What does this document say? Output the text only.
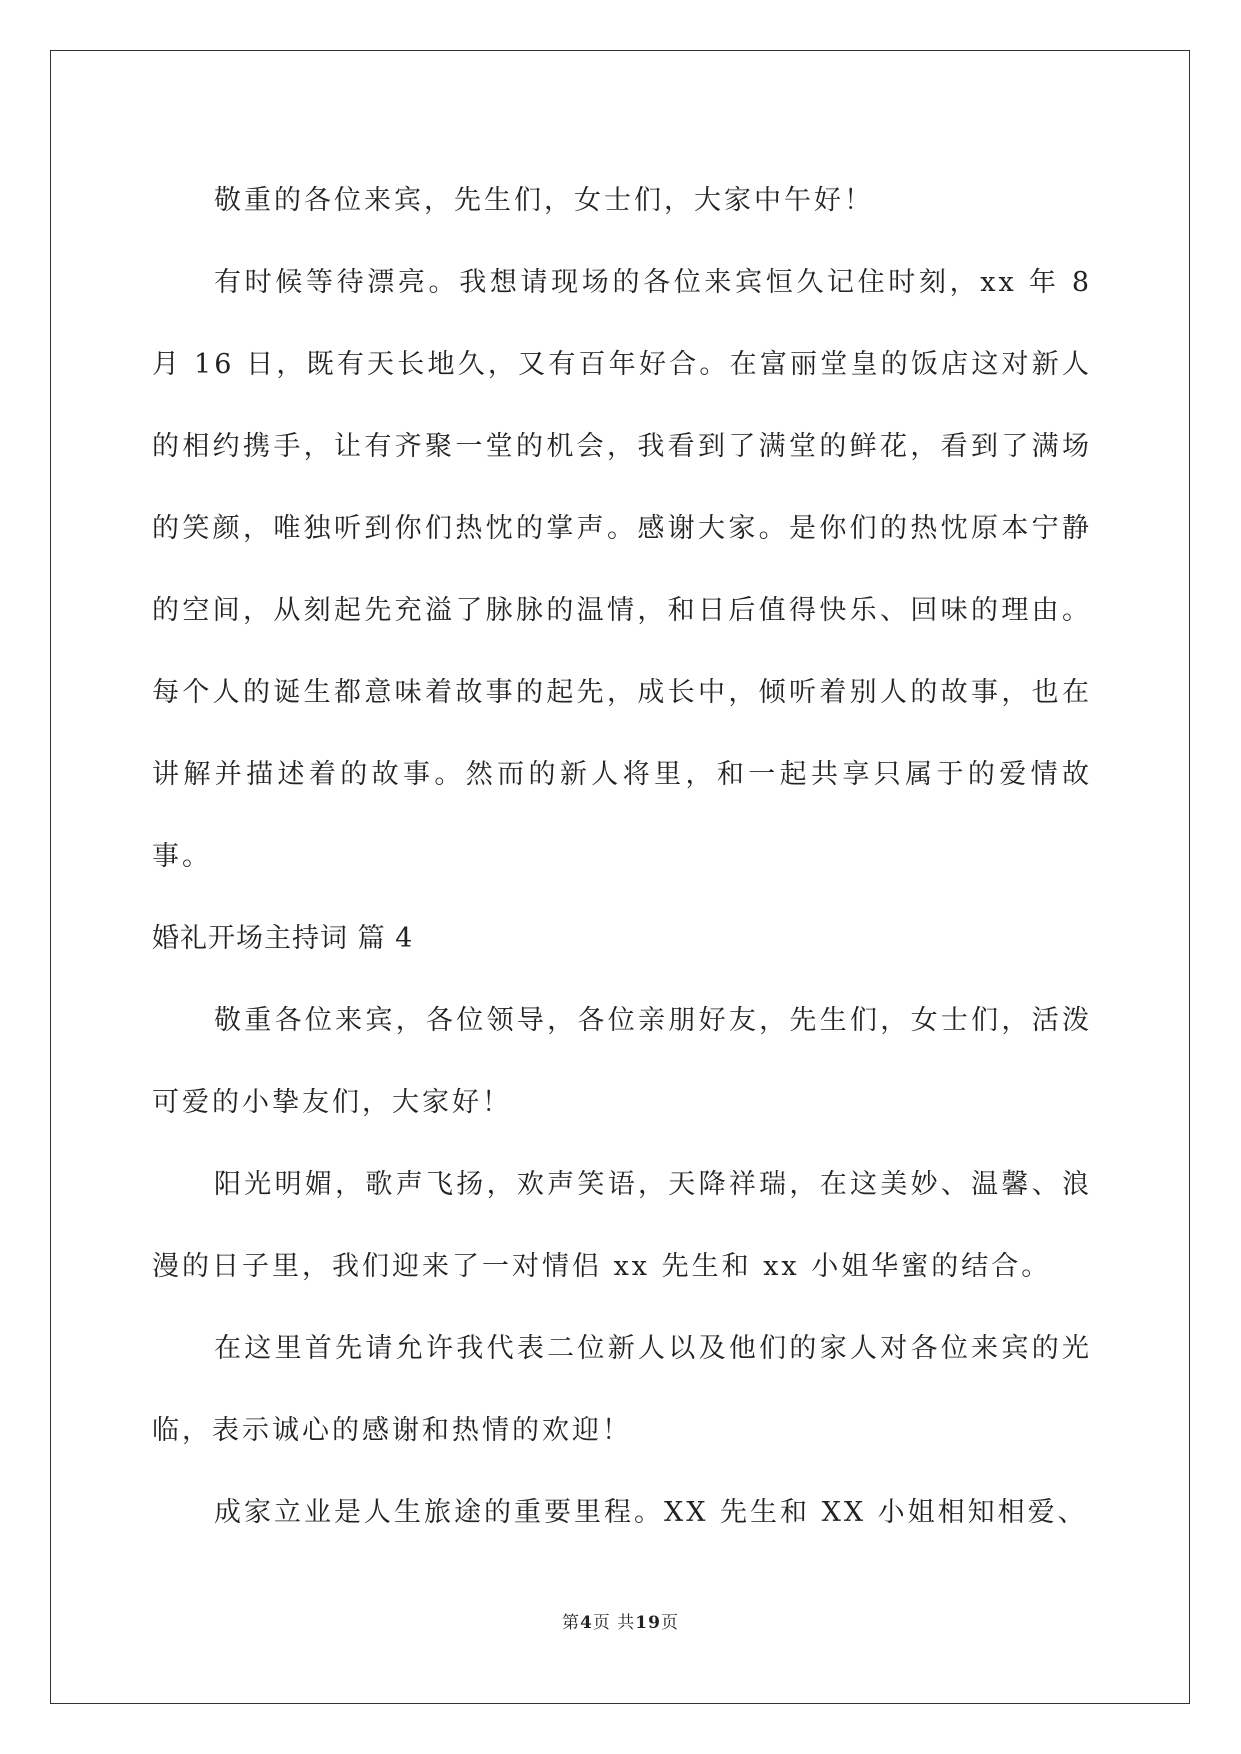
敬重的各位来宾，先生们，女士们，大家中午好！

有时候等待漂亮。我想请现场的各位来宾恒久记住时刻，xx 年 8 月 16 日，既有天长地久，又有百年好合。在富丽堂皇的饭店这对新人的相约携手，让有齐聚一堂的机会，我看到了满堂的鲜花，看到了满场的笑颜，唯独听到你们热忱的掌声。感谢大家。是你们的热忱原本宁静的空间，从刻起先充溢了脉脉的温情，和日后值得快乐、回味的理由。每个人的诞生都意味着故事的起先，成长中，倾听着别人的故事，也在讲解并描述着的故事。然而的新人将里，和一起共享只属于的爱情故事。

婚礼开场主持词 篇 4

敬重各位来宾，各位领导，各位亲朋好友，先生们，女士们，活泼可爱的小挚友们，大家好！

阳光明媚，歌声飞扬，欢声笑语，天降祥瑞，在这美妙、温馨、浪漫的日子里，我们迎来了一对情侣 xx 先生和 xx 小姐华蜜的结合。

在这里首先请允许我代表二位新人以及他们的家人对各位来宾的光临，表示诚心的感谢和热情的欢迎！

成家立业是人生旅途的重要里程。XX 先生和 XX 小姐相知相爱、

第4页 共19页
